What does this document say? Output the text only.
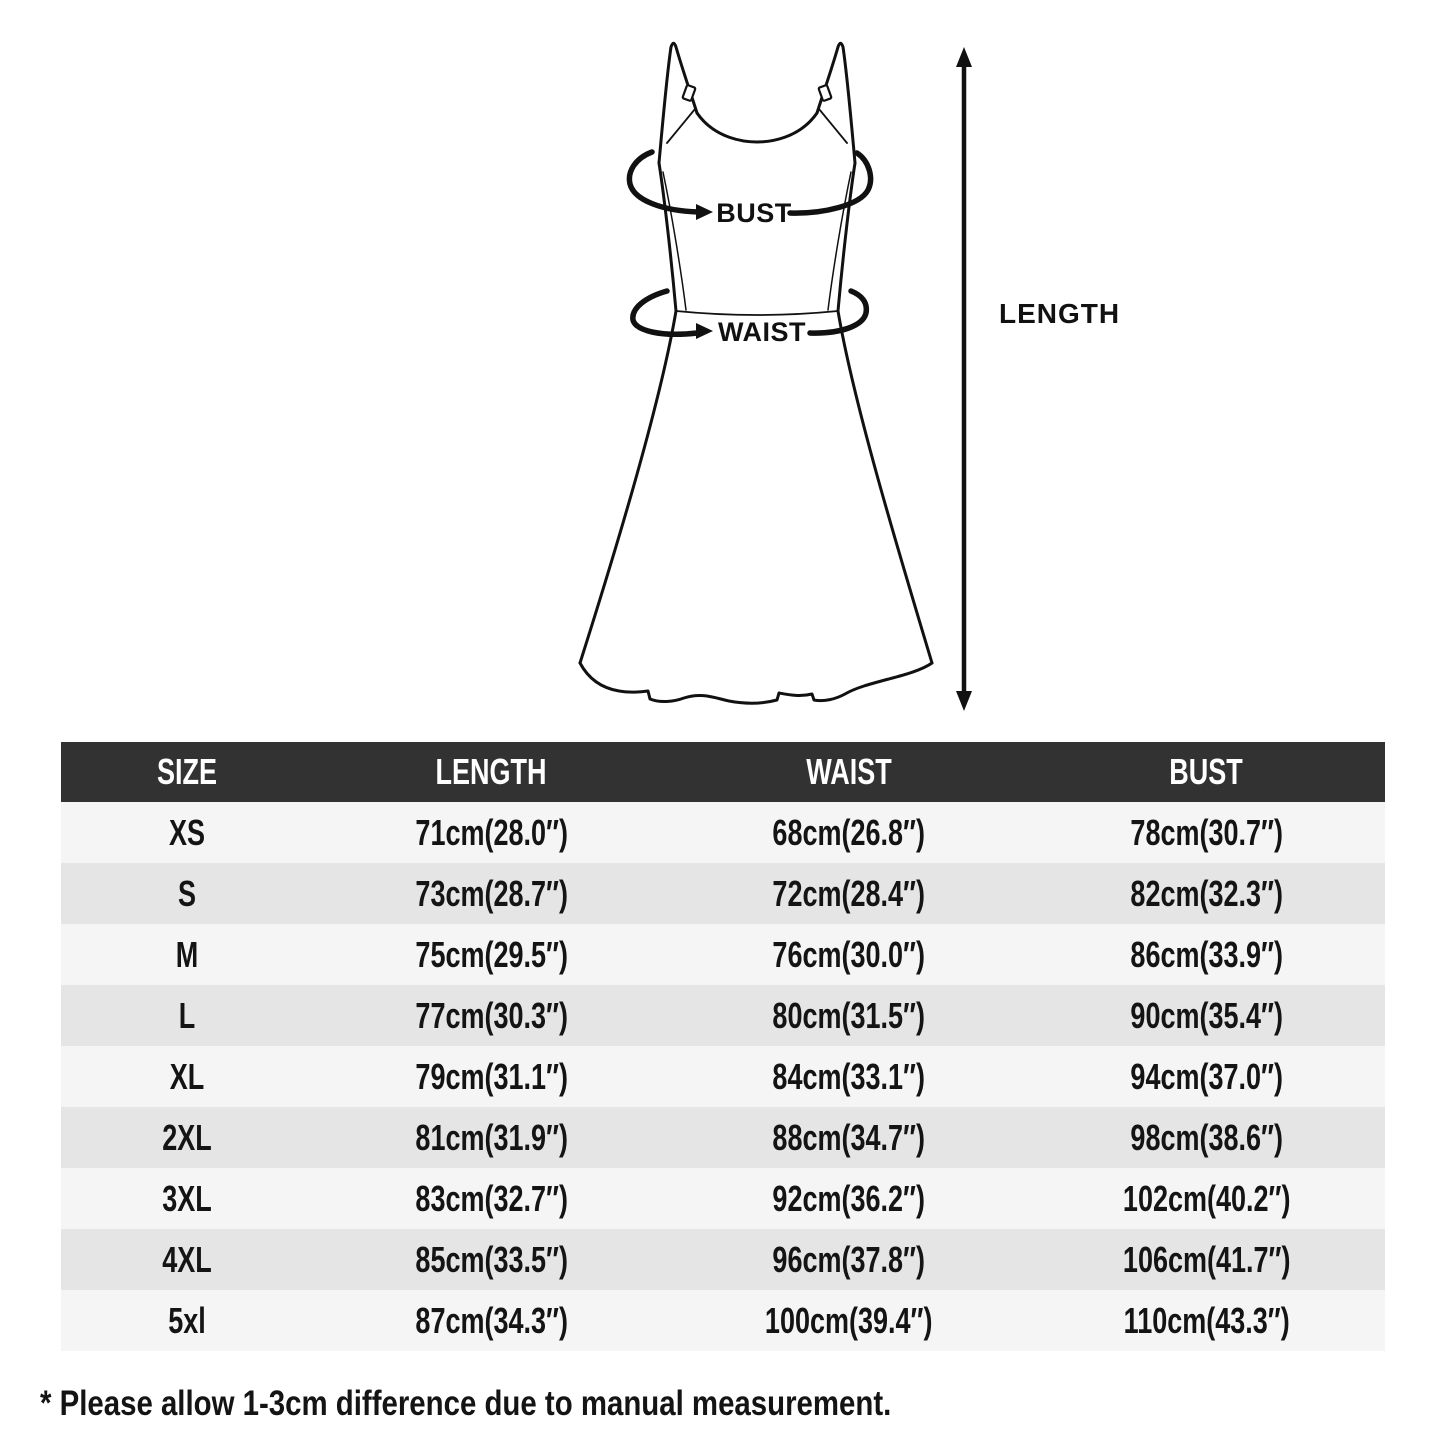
BUST
WAIST
LENGTH
SIZE	LENGTH	WAIST	BUST
XS	71cm(28.0″)	68cm(26.8″)	78cm(30.7″)
S	73cm(28.7″)	72cm(28.4″)	82cm(32.3″)
M	75cm(29.5″)	76cm(30.0″)	86cm(33.9″)
L	77cm(30.3″)	80cm(31.5″)	90cm(35.4″)
XL	79cm(31.1″)	84cm(33.1″)	94cm(37.0″)
2XL	81cm(31.9″)	88cm(34.7″)	98cm(38.6″)
3XL	83cm(32.7″)	92cm(36.2″)	102cm(40.2″)
4XL	85cm(33.5″)	96cm(37.8″)	106cm(41.7″)
5xl	87cm(34.3″)	100cm(39.4″)	110cm(43.3″)
* Please allow 1-3cm difference due to manual measurement.
